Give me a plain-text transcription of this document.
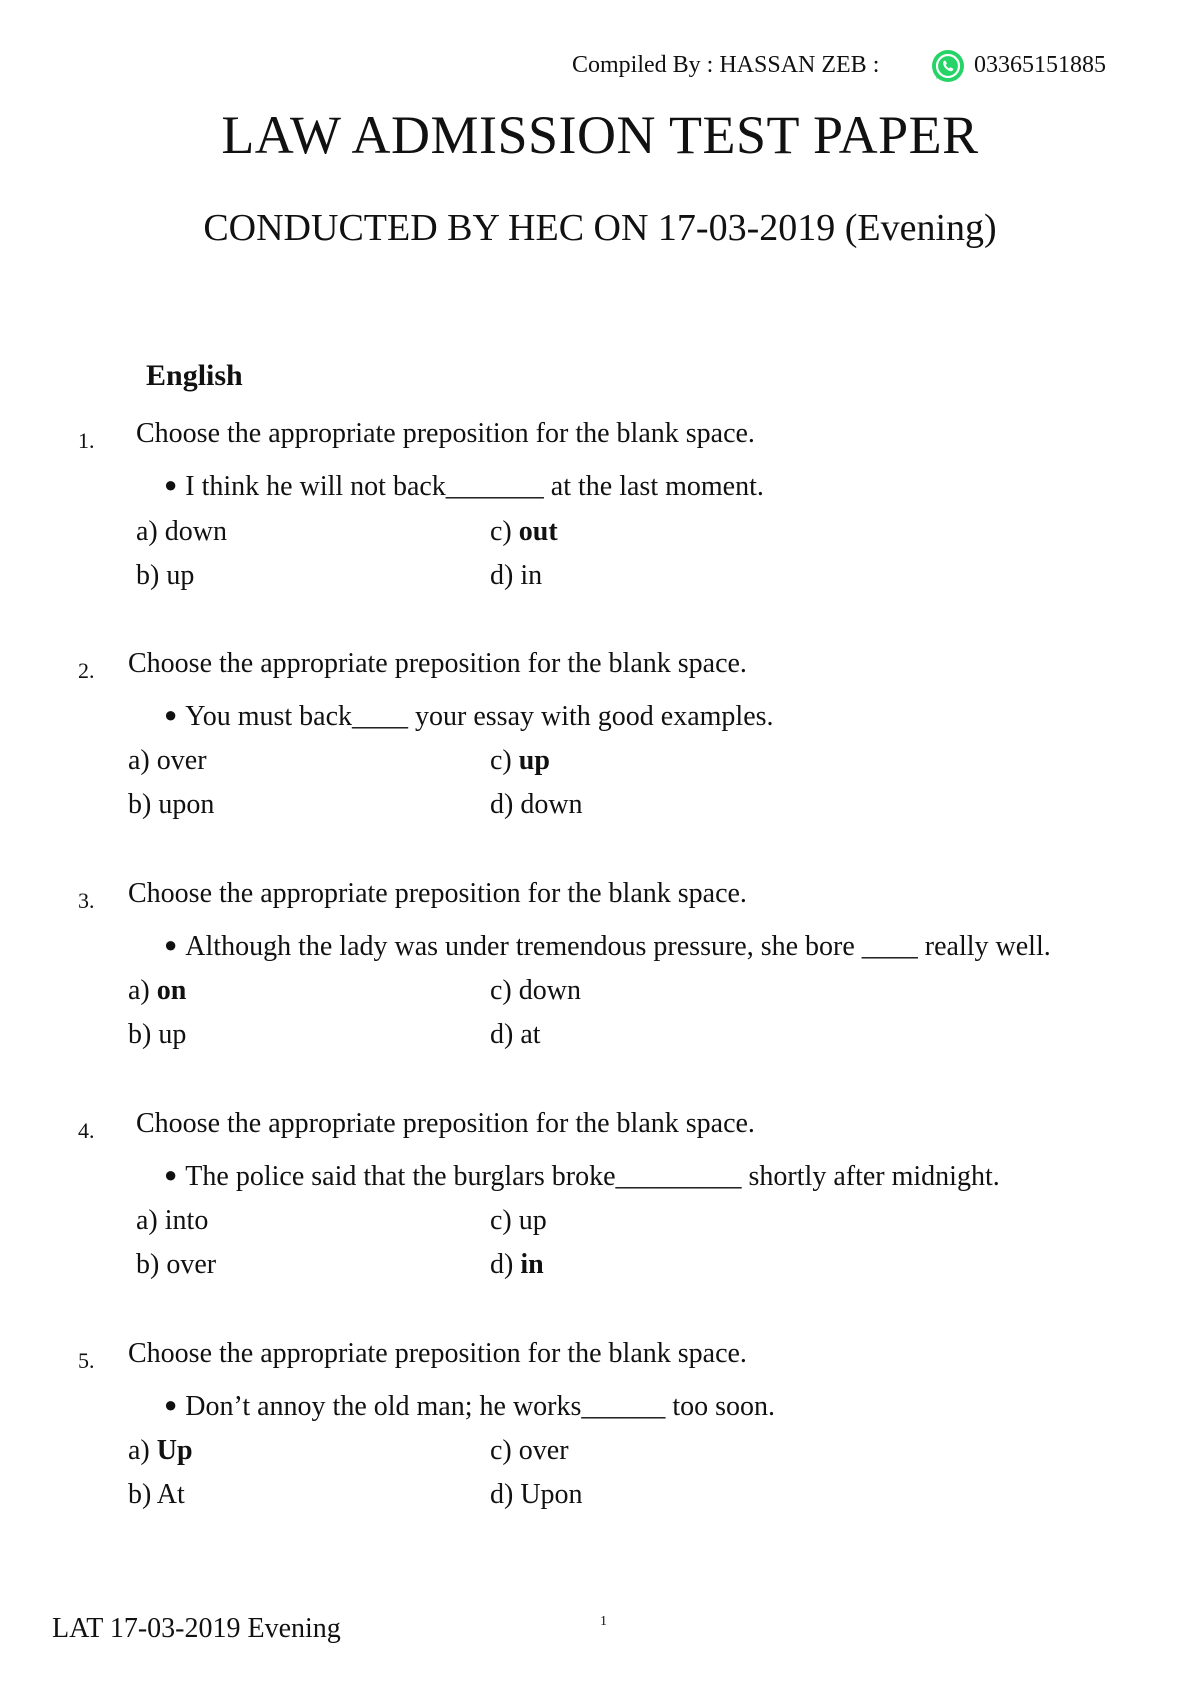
Compiled By : HASSAN ZEB :	03365151885
LAW ADMISSION TEST PAPER
CONDUCTED BY HEC ON 17-03-2019 (Evening)
English
1. Choose the appropriate preposition for the blank space.
● I think he will not back_______ at the last moment.
a) down	c) out
b) up	d) in
2. Choose the appropriate preposition for the blank space.
● You must back____ your essay with good examples.
a) over	c) up
b) upon	d) down
3. Choose the appropriate preposition for the blank space.
● Although the lady was under tremendous pressure, she bore ____ really well.
a) on	c) down
b) up	d) at
4. Choose the appropriate preposition for the blank space.
● The police said that the burglars broke_________ shortly after midnight.
a) into	c) up
b) over	d) in
5. Choose the appropriate preposition for the blank space.
● Don’t annoy the old man; he works______ too soon.
a) Up	c) over
b) At	d) Upon
LAT 17-03-2019 Evening	1
